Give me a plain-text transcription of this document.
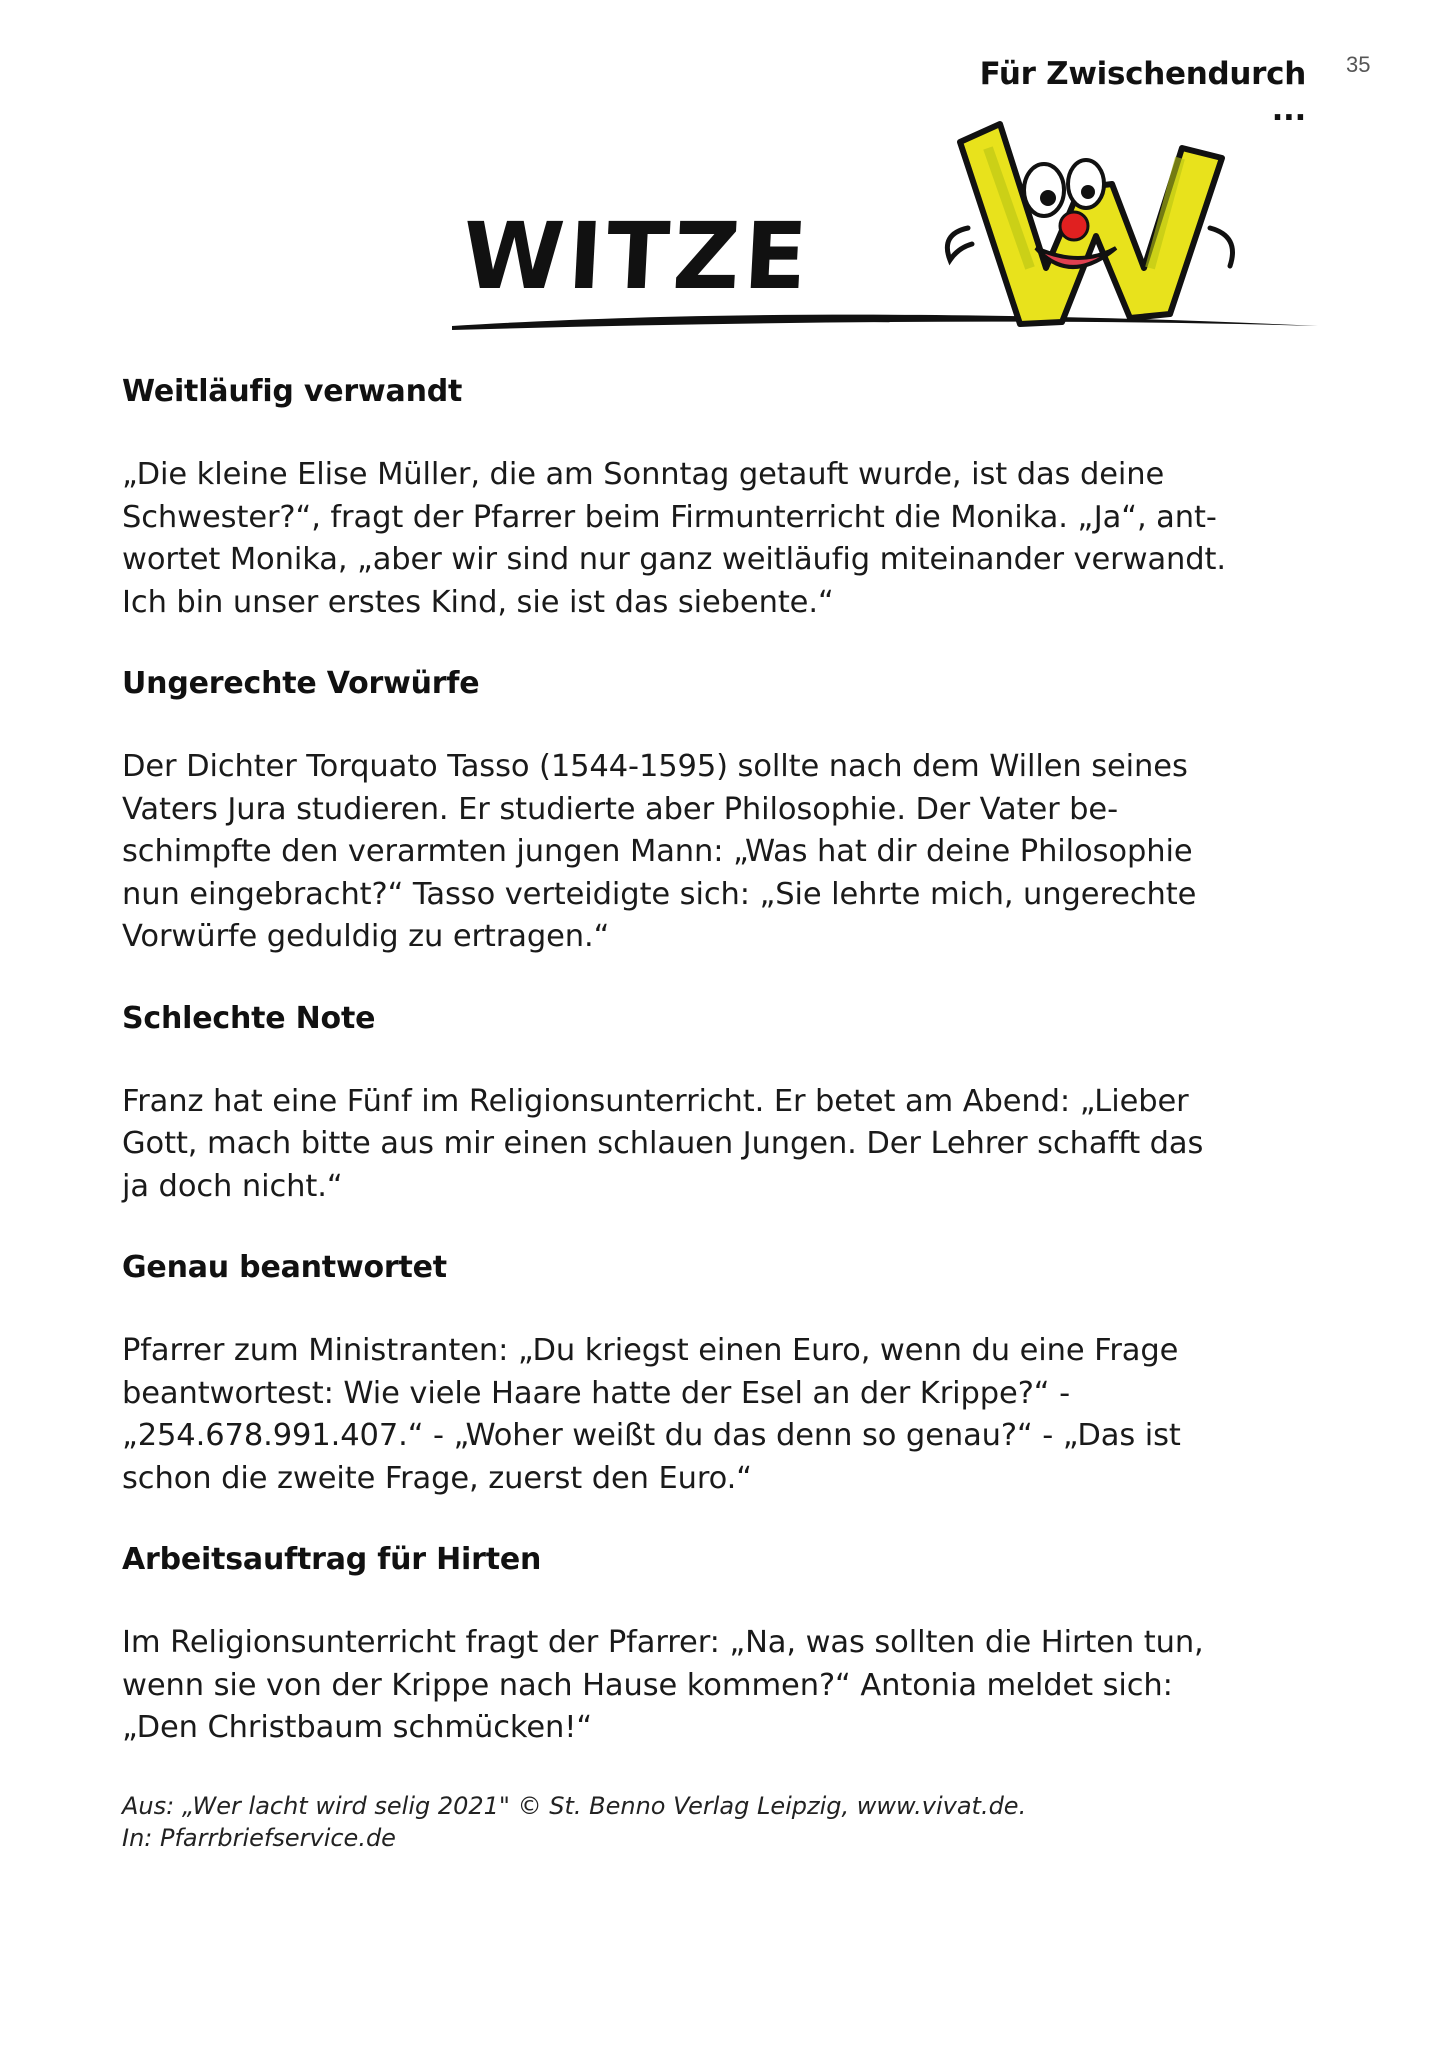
35
Für Zwischendurch ...
WITZE
Weitläufig verwandt
„Die kleine Elise Müller, die am Sonntag getauft wurde, ist das deine
Schwester?“, fragt der Pfarrer beim Firmunterricht die Monika. „Ja“, ant-
wortet Monika, „aber wir sind nur ganz weitläufig miteinander verwandt.
Ich bin unser erstes Kind, sie ist das siebente.“
Ungerechte Vorwürfe
Der Dichter Torquato Tasso (1544-1595) sollte nach dem Willen seines
Vaters Jura studieren. Er studierte aber Philosophie. Der Vater be-
schimpfte den verarmten jungen Mann: „Was hat dir deine Philosophie
nun eingebracht?“ Tasso verteidigte sich: „Sie lehrte mich, ungerechte
Vorwürfe geduldig zu ertragen.“
Schlechte Note
Franz hat eine Fünf im Religionsunterricht. Er betet am Abend: „Lieber
Gott, mach bitte aus mir einen schlauen Jungen. Der Lehrer schafft das
ja doch nicht.“
Genau beantwortet
Pfarrer zum Ministranten: „Du kriegst einen Euro, wenn du eine Frage
beantwortest: Wie viele Haare hatte der Esel an der Krippe?“ -
„254.678.991.407.“ - „Woher weißt du das denn so genau?“ - „Das ist
schon die zweite Frage, zuerst den Euro.“
Arbeitsauftrag für Hirten
Im Religionsunterricht fragt der Pfarrer: „Na, was sollten die Hirten tun,
wenn sie von der Krippe nach Hause kommen?“ Antonia meldet sich:
„Den Christbaum schmücken!“
Aus: „Wer lacht wird selig 2021" © St. Benno Verlag Leipzig, www.vivat.de.
In: Pfarrbriefservice.de
